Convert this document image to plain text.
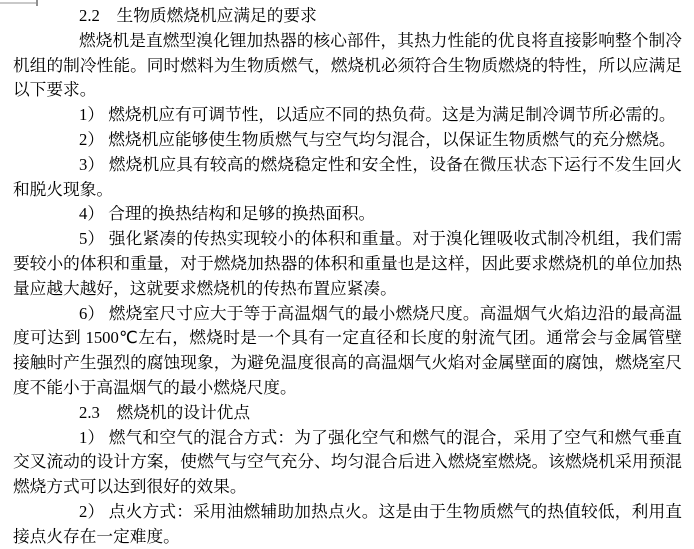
2.2　生物质燃烧机应满足的要求

燃烧机是直燃型溴化锂加热器的核心部件，其热力性能的优良将直接影响整个制冷机组的制冷性能。同时燃料为生物质燃气，燃烧机必须符合生物质燃烧的特性，所以应满足以下要求。

1） 燃烧机应有可调节性，以适应不同的热负荷。这是为满足制冷调节所必需的。

2） 燃烧机应能够使生物质燃气与空气均匀混合，以保证生物质燃气的充分燃烧。

3） 燃烧机应具有较高的燃烧稳定性和安全性，设备在微压状态下运行不发生回火和脱火现象。

4） 合理的换热结构和足够的换热面积。

5） 强化紧凑的传热实现较小的体积和重量。对于溴化锂吸收式制冷机组，我们需要较小的体积和重量，对于燃烧加热器的体积和重量也是这样，因此要求燃烧机的单位加热量应越大越好，这就要求燃烧机的传热布置应紧凑。

6） 燃烧室尺寸应大于等于高温烟气的最小燃烧尺度。高温烟气火焰边沿的最高温度可达到 1500℃左右，燃烧时是一个具有一定直径和长度的射流气团。通常会与金属管壁接触时产生强烈的腐蚀现象，为避免温度很高的高温烟气火焰对金属壁面的腐蚀，燃烧室尺度不能小于高温烟气的最小燃烧尺度。

2.3　燃烧机的设计优点

1） 燃气和空气的混合方式：为了强化空气和燃气的混合，采用了空气和燃气垂直交叉流动的设计方案，使燃气与空气充分、均匀混合后进入燃烧室燃烧。该燃烧机采用预混燃烧方式可以达到很好的效果。

2） 点火方式：采用油燃辅助加热点火。这是由于生物质燃气的热值较低，利用直接点火存在一定难度。
